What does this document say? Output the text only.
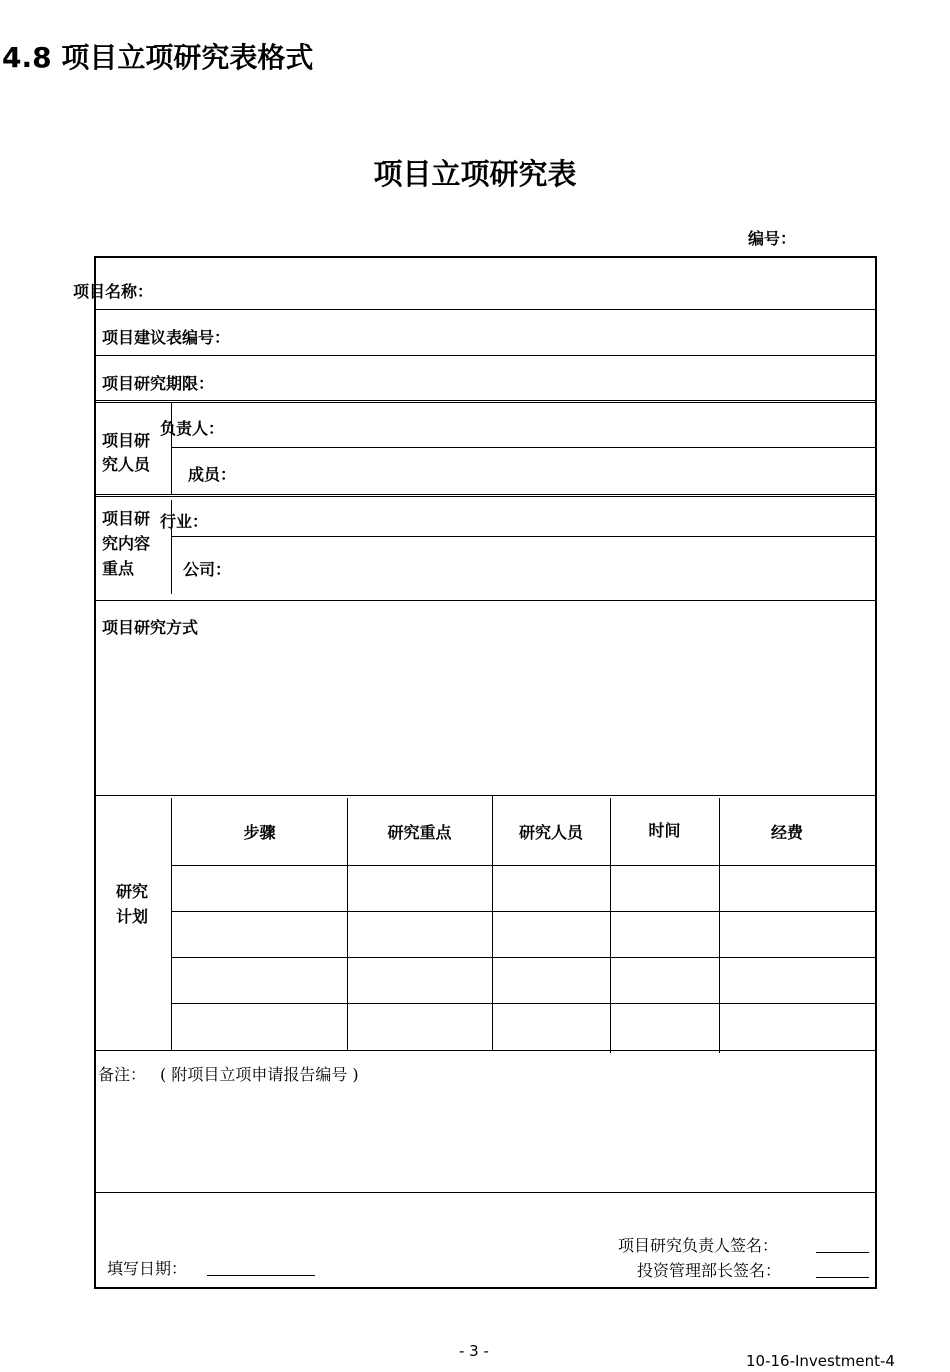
4.8 项目立项研究表格式
项目立项研究表
编号：
项目名称：
项目建议表编号：
项目研究期限：
项目研
究人员
负责人：
成员：
项目研
究内容
重点
行业：
公司：
项目研究方式
研究
计划
步骤	研究重点	研究人员	时间	经费
备注： ( 附项目立项申请报告编号 )
填写日期：
项目研究负责人签名：
投资管理部长签名：
- 3 -
10-16-Investment-4
